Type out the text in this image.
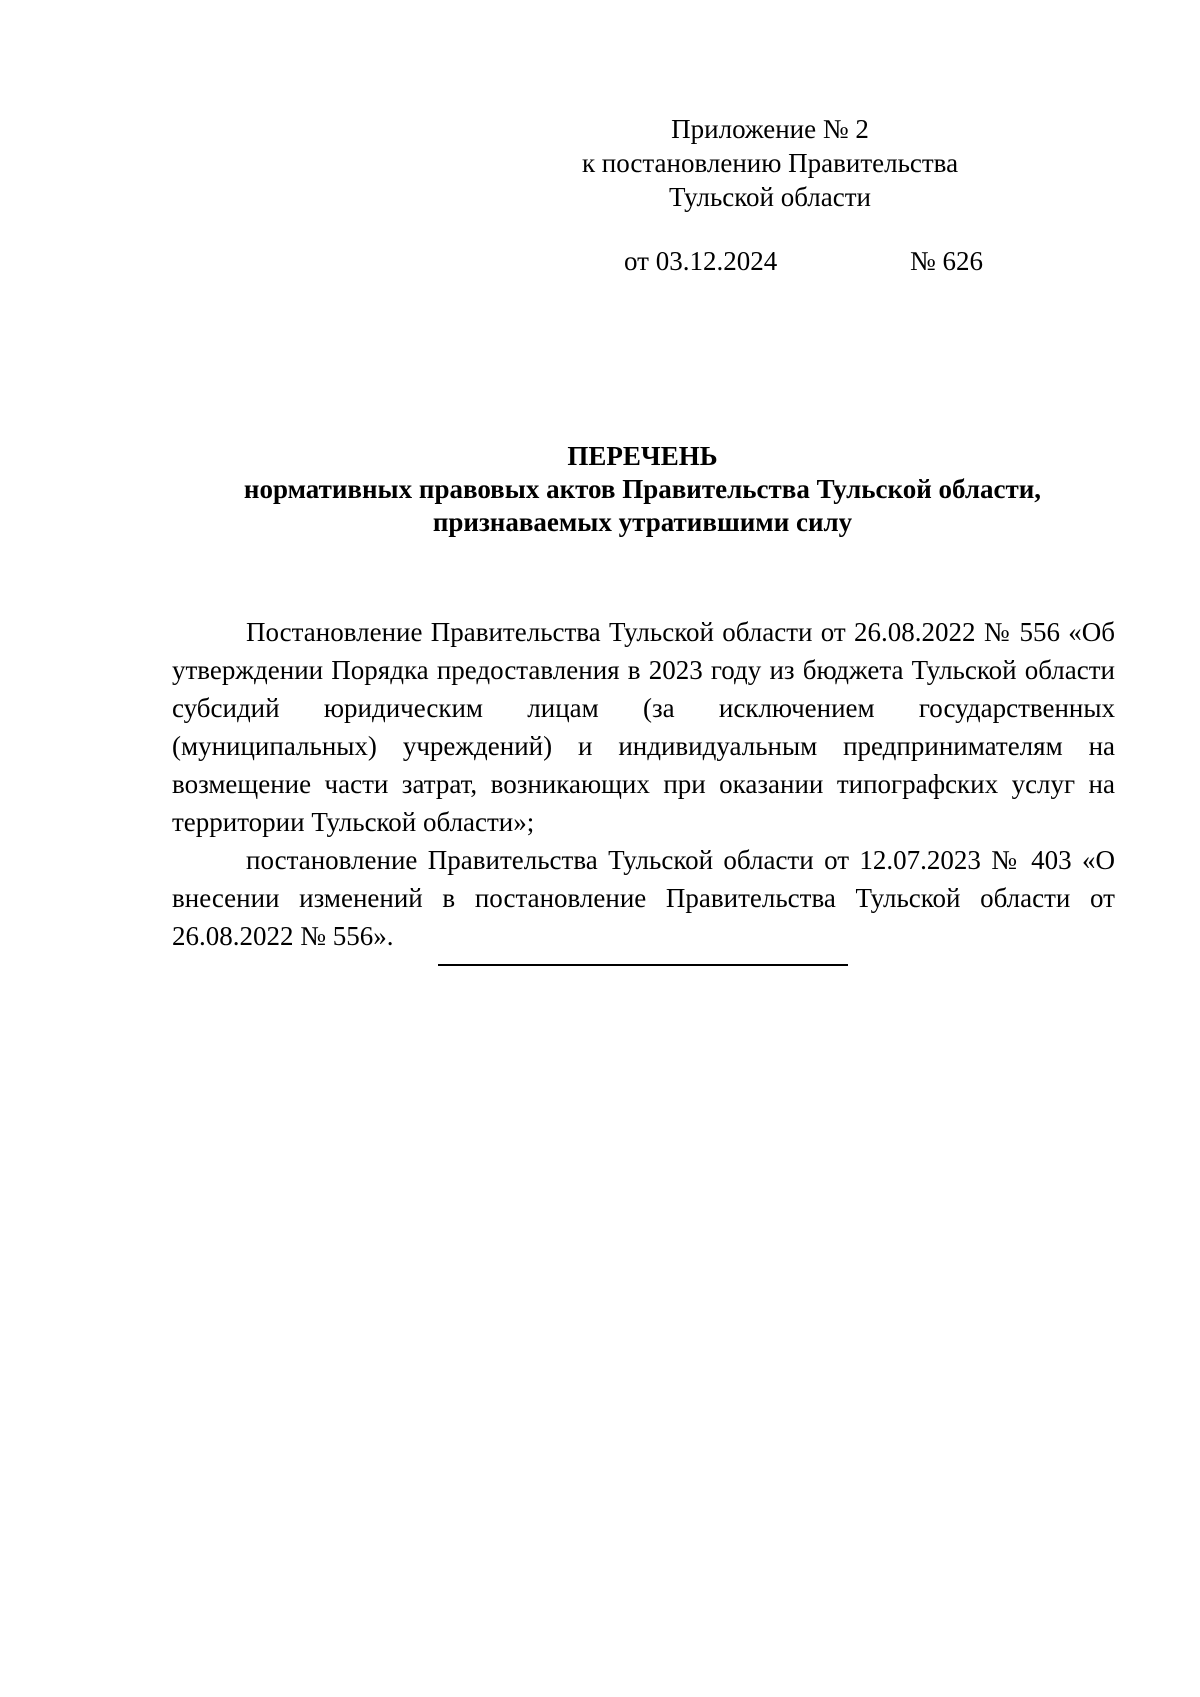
Приложение № 2
к постановлению Правительства
Тульской области
от 03.12.2024	№ 626
ПЕРЕЧЕНЬ
нормативных правовых актов Правительства Тульской области,
признаваемых утратившими силу

Постановление Правительства Тульской области от 26.08.2022 № 556 «Об утверждении Порядка предоставления в 2023 году из бюджета Тульской области субсидий юридическим лицам (за исключением государственных (муниципальных) учреждений) и индивидуальным предпринимателям на возмещение части затрат, возникающих при оказании типографских услуг на территории Тульской области»;

постановление Правительства Тульской области от 12.07.2023 № 403 «О внесении изменений в постановление Правительства Тульской области от 26.08.2022 № 556».
